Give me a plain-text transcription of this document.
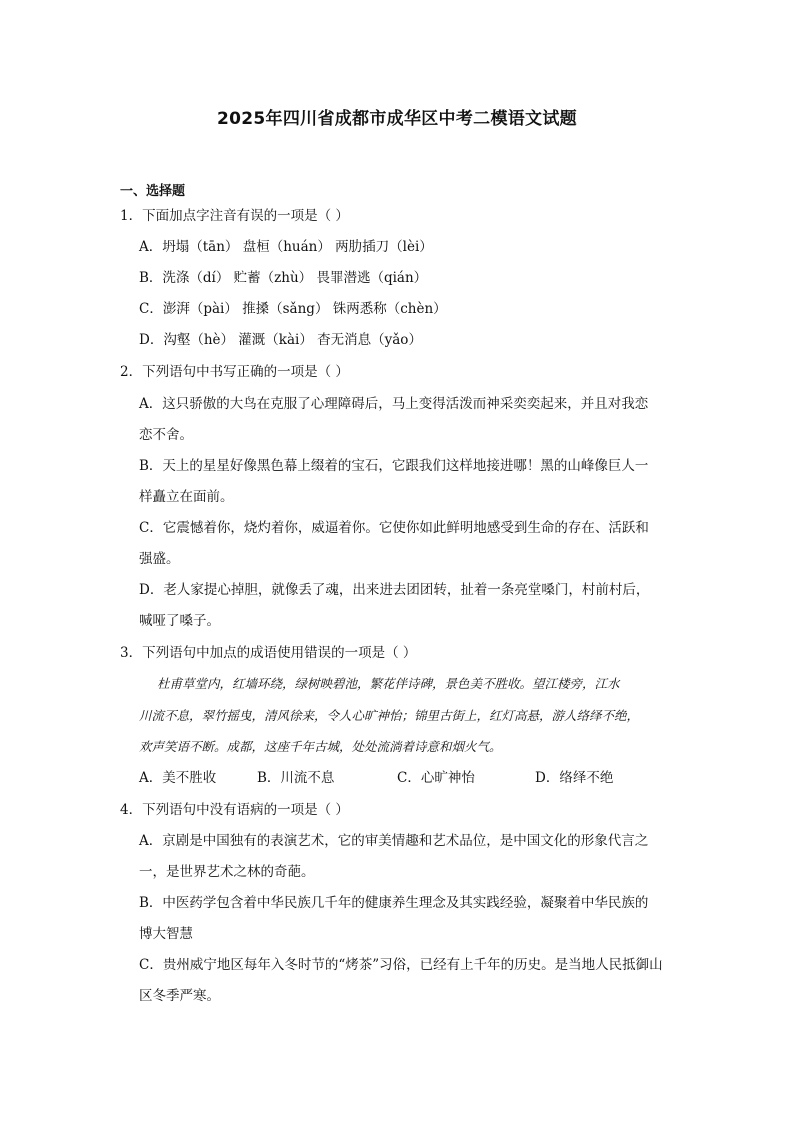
2025年四川省成都市成华区中考二模语文试题
一、选择题
1．下面加点字注音有误的一项是（ ）
A．坍塌（tān） 盘桓（huán） 两肋插刀（lèi）
B．洗涤（dí） 贮蓄（zhù） 畏罪潜逃（qián）
C．澎湃（pài） 推搡（sǎng） 铢两悉称（chèn）
D．沟壑（hè） 灌溉（kài） 杳无消息（yǎo）
2．下列语句中书写正确的一项是（ ）
A．这只骄傲的大鸟在克服了心理障碍后，马上变得活泼而神采奕奕起来，并且对我恋
恋不舍。
B．天上的星星好像黑色幕上缀着的宝石，它跟我们这样地接进哪！黑的山峰像巨人一
样矗立在面前。
C．它震憾着你，烧灼着你，威逼着你。它使你如此鲜明地感受到生命的存在、活跃和
强盛。
D．老人家提心掉胆，就像丢了魂，出来进去团团转，扯着一条亮堂嗓门，村前村后，
喊哑了嗓子。
3．下列语句中加点的成语使用错误的一项是（ ）
杜甫草堂内，红墙环绕，绿树映碧池，繁花伴诗碑，景色美不胜收。望江楼旁，江水
川流不息，翠竹摇曳，清风徐来，令人心旷神怡；锦里古街上，红灯高悬，游人络绎不绝，
欢声笑语不断。成都，这座千年古城，处处流淌着诗意和烟火气。
A．美不胜收	B．川流不息	C．心旷神怡	D．络绎不绝
4．下列语句中没有语病的一项是（ ）
A．京剧是中国独有的表演艺术，它的审美情趣和艺术品位，是中国文化的形象代言之
一，是世界艺术之林的奇葩。
B．中医药学包含着中华民族几千年的健康养生理念及其实践经验，凝聚着中华民族的
博大智慧
C．贵州威宁地区每年入冬时节的“烤茶”习俗，已经有上千年的历史。是当地人民抵御山
区冬季严寒。
